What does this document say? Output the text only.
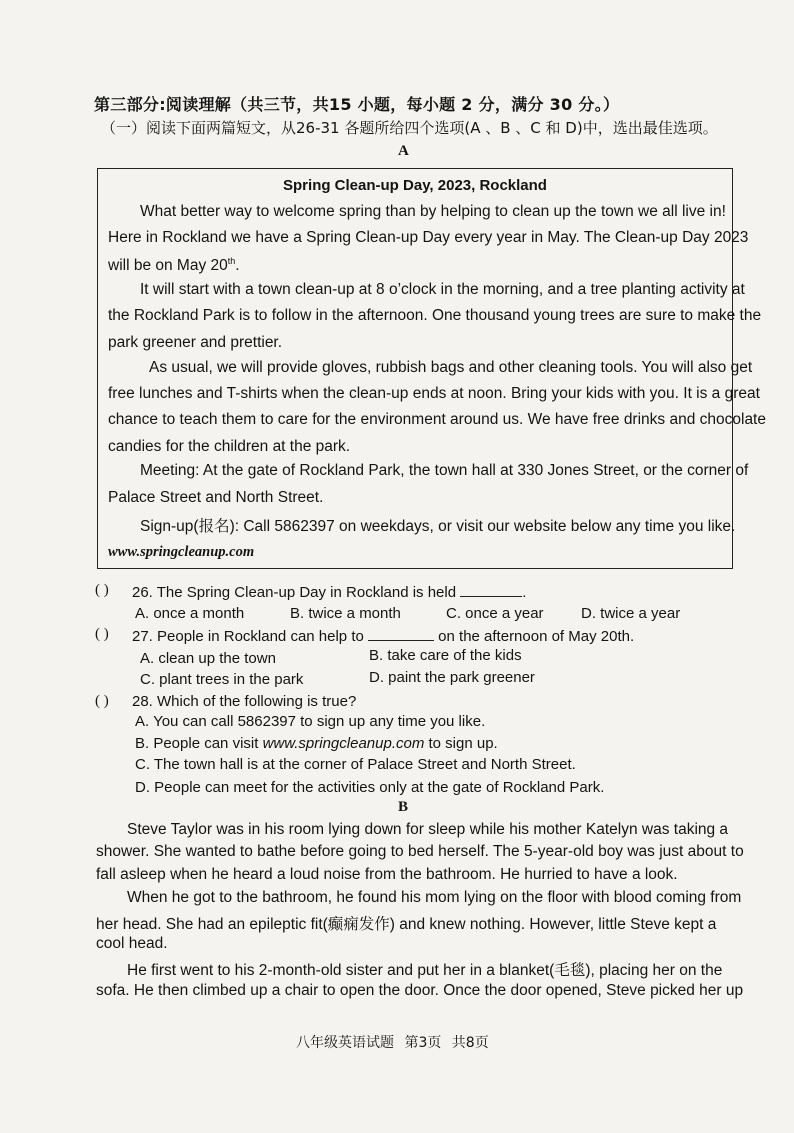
第三部分:阅读理解（共三节，共15 小题，每小题 2 分，满分 30 分。）
（一）阅读下面两篇短文，从26-31 各题所给四个选项(A 、B 、C 和 D)中，选出最佳选项。
A
Spring Clean-up Day, 2023, Rockland
What better way to welcome spring than by helping to clean up the town we all live in!
Here in Rockland we have a Spring Clean-up Day every year in May. The Clean-up Day 2023
will be on May 20th.
It will start with a town clean-up at 8 o’clock in the morning, and a tree planting activity at
the Rockland Park is to follow in the afternoon. One thousand young trees are sure to make the
park greener and prettier.
As usual, we will provide gloves, rubbish bags and other cleaning tools. You will also get
free lunches and T-shirts when the clean-up ends at noon. Bring your kids with you. It is a great
chance to teach them to care for the environment around us. We have free drinks and chocolate
candies for the children at the park.
Meeting: At the gate of Rockland Park, the town hall at 330 Jones Street, or the corner of
Palace Street and North Street.
Sign-up(报名): Call 5862397 on weekdays, or visit our website below any time you like.
www.springcleanup.com
( ) 26. The Spring Clean-up Day in Rockland is held	.
A. once a month	B. twice a month	C. once a year D. twice a year
( ) 27. People in Rockland can help to	on the afternoon of May 20th.
A. clean up the town	B. take care of the kids
C. plant trees in the park	D. paint the park greener
( ) 28. Which of the following is true?
A. You can call 5862397 to sign up any time you like.
B. People can visit www.springcleanup.com to sign up.
C. The town hall is at the corner of Palace Street and North Street.
D. People can meet for the activities only at the gate of Rockland Park.
B
Steve Taylor was in his room lying down for sleep while his mother Katelyn was taking a
shower. She wanted to bathe before going to bed herself. The 5-year-old boy was just about to
fall asleep when he heard a loud noise from the bathroom. He hurried to have a look.
When he got to the bathroom, he found his mom lying on the floor with blood coming from
her head. She had an epileptic fit(癫痫发作) and knew nothing. However, little Steve kept a
cool head.
He first went to his 2-month-old sister and put her in a blanket(毛毯), placing her on the
sofa. He then climbed up a chair to open the door. Once the door opened, Steve picked her up
八年级英语试题 第3页 共8页
